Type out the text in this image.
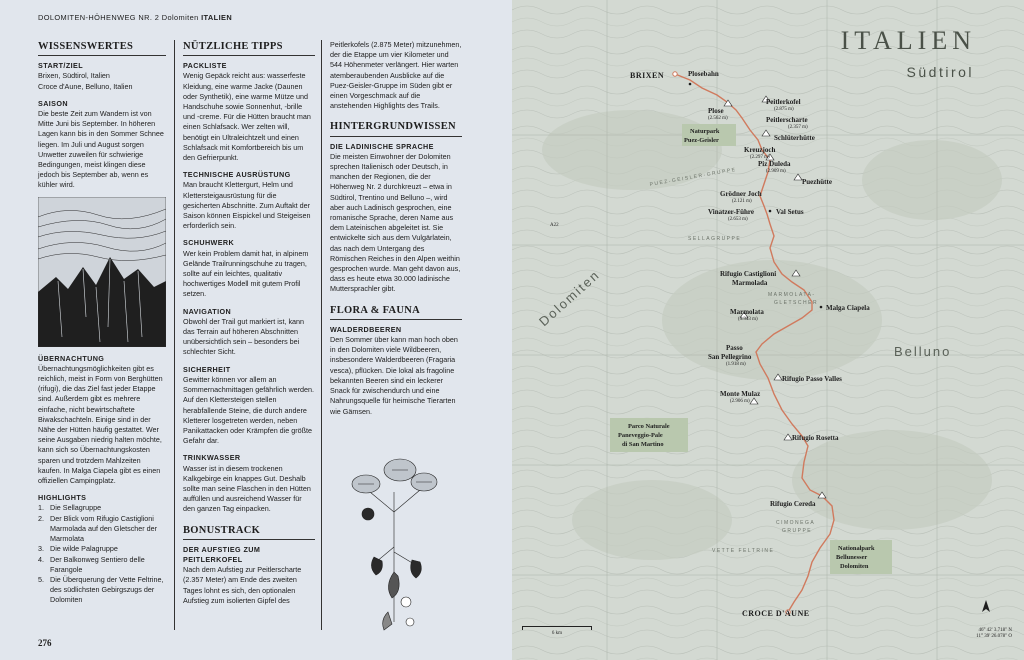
DOLOMITEN-HÖHENWEG NR. 2 Dolomiten ITALIEN
WISSENSWERTES
START/ZIEL

Brixen, Südtirol, Italien

Croce d'Aune, Belluno, Italien

SAISON

Die beste Zeit zum Wandern ist von Mitte Juni bis September. In höheren Lagen kann bis in den Sommer Schnee liegen. Im Juli und August sorgen Unwetter zuweilen für schwierige Bedingungen, meist klingen diese jedoch bis September ab, wenn es kühler wird.

ÜBERNACHTUNG

Übernachtungsmöglichkeiten gibt es reichlich, meist in Form von Berghütten (rifugi), die das Ziel fast jeder Etappe sind. Außerdem gibt es mehrere einfache, nicht bewirtschaftete Biwakschachteln. Einige sind in der Nähe der Hütten häufig gestattet. Wer seine Ausgaben niedrig halten möchte, kann sich so Übernachtungskosten sparen und trotzdem Mahlzeiten kaufen. In Malga Ciapela gibt es einen offiziellen Campingplatz.

HIGHLIGHTS
1. Die Sellagruppe
2. Der Blick vom Rifugio Castiglioni Marmolada auf den Gletscher der Marmolata
3. Die wilde Palagruppe
4. Der Balkonweg Sentiero delle Farangole
5. Die Überquerung der Vette Feltrine, des südlichsten Gebirgszugs der Dolomiten
NÜTZLICHE TIPPS
PACKLISTE

Wenig Gepäck reicht aus: wasserfeste Kleidung, eine warme Jacke (Daunen oder Synthetik), eine warme Mütze und Handschuhe sowie Sonnenhut, -brille und -creme. Für die Hütten braucht man einen Schlafsack. Wer zelten will, benötigt ein Ultraleichtzelt und einen Schlafsack mit Komfortbereich bis um den Gefrierpunkt.

TECHNISCHE AUSRÜSTUNG

Man braucht Klettergurt, Helm und Klettersteigausrüstung für die gesicherten Abschnitte. Zum Auftakt der Saison können Eispickel und Steigeisen erforderlich sein.

SCHUHWERK

Wer kein Problem damit hat, in alpinem Gelände Trailrunningschuhe zu tragen, sollte auf ein leichtes, qualitativ hochwertiges Modell mit gutem Profil setzen.

NAVIGATION

Obwohl der Trail gut markiert ist, kann das Terrain auf höheren Abschnitten unübersichtlich sein – besonders bei schlechter Sicht.

SICHERHEIT

Gewitter können vor allem an Sommernachmittagen gefährlich werden. Auf den Klettersteigen stellen herabfallende Steine, die durch andere Kletterer losgetreten werden, neben Panikattacken oder Krämpfen die größte Gefahr dar.

TRINKWASSER

Wasser ist in diesem trockenen Kalkgebirge ein knappes Gut. Deshalb sollte man seine Flaschen in den Hütten auffüllen und ausreichend Wasser für den ganzen Tag einpacken.

BONUSTRACK
DER AUFSTIEG ZUM PEITLERKOFEL

Nach dem Aufstieg zur Peitlerscharte (2.357 Meter) am Ende des zweiten Tages lohnt es sich, den optionalen Aufstieg zum isolierten Gipfel des

Peitlerkofels (2.875 Meter) mitzunehmen, der die Etappe um vier Kilometer und 544 Höhenmeter verlängert. Hier warten atemberaubenden Ausblicke auf die Puez-Geisler-Gruppe im Süden gibt er einen Vorgeschmack auf die anstehenden Highlights des Trails.

HINTERGRUNDWISSEN
DIE LADINISCHE SPRACHE

Die meisten Einwohner der Dolomiten sprechen Italienisch oder Deutsch, in manchen der Regionen, die der Höhenweg Nr. 2 durchkreuzt – etwa in Südtirol, Trentino und Belluno –, wird aber auch Ladinisch gesprochen, eine romanische Sprache, deren Name aus dem Lateinischen abgeleitet ist. Sie entwickelte sich aus dem Vulgärlatein, das nach dem Untergang des Römischen Reiches in den Alpen weithin gesprochen wurde. Man geht davon aus, dass es heute etwa 30.000 ladinische Muttersprachler gibt.

FLORA & FAUNA
WALDERDBEEREN

Den Sommer über kann man hoch oben in den Dolomiten viele Wildbeeren, insbesondere Walderdbeeren (Fragaria vesca), pflücken. Die lokal als fragoline bekannten Beeren sind ein leckerer Snack für zwischendurch und eine Nahrungsquelle für heimische Tierarten wie Gämsen.

276
BRIXEN	Plosebahn
Plose
(2.562 m)
Peitlerkofel
(2.875 m)
Peitlerscharte
(2.357 m)
Naturpark
Puez-Geisler	Schlüterhütte
Kreuzjoch
(2.297 m)
Piz Duleda
(2.909 m)
Puezhütte
PUEZ-GEISLER-GRUPPE
Grödner Joch
(2.121 m)
Vinatzer-Führe
(2.653 m)
Val Setus
SELLAGRUPPE
A22
Rifugio Castiglioni
Marmolada
MARMOLATA-
GLETSCHER
Malga Ciapela
Marmolata
(3.343 m)
Passo
San Pellegrino
(1.918 m)
Rifugio Passo Valles
Monte Mulaz
(2.906 m)
Parco Naturale
Paneveggio-Pale
di San Martino
Rifugio Rosetta
Rifugio Cereda
CIMONEGA
GRUPPE
VETTE FELTRINE	Nationalpark
Bellunesser
Dolomiten
CROCE D'AUNE
ITALIEN
Südtirol
Dolomiten
Belluno
6 km
46° 42' 3.718" N
11° 39' 26.078" O
